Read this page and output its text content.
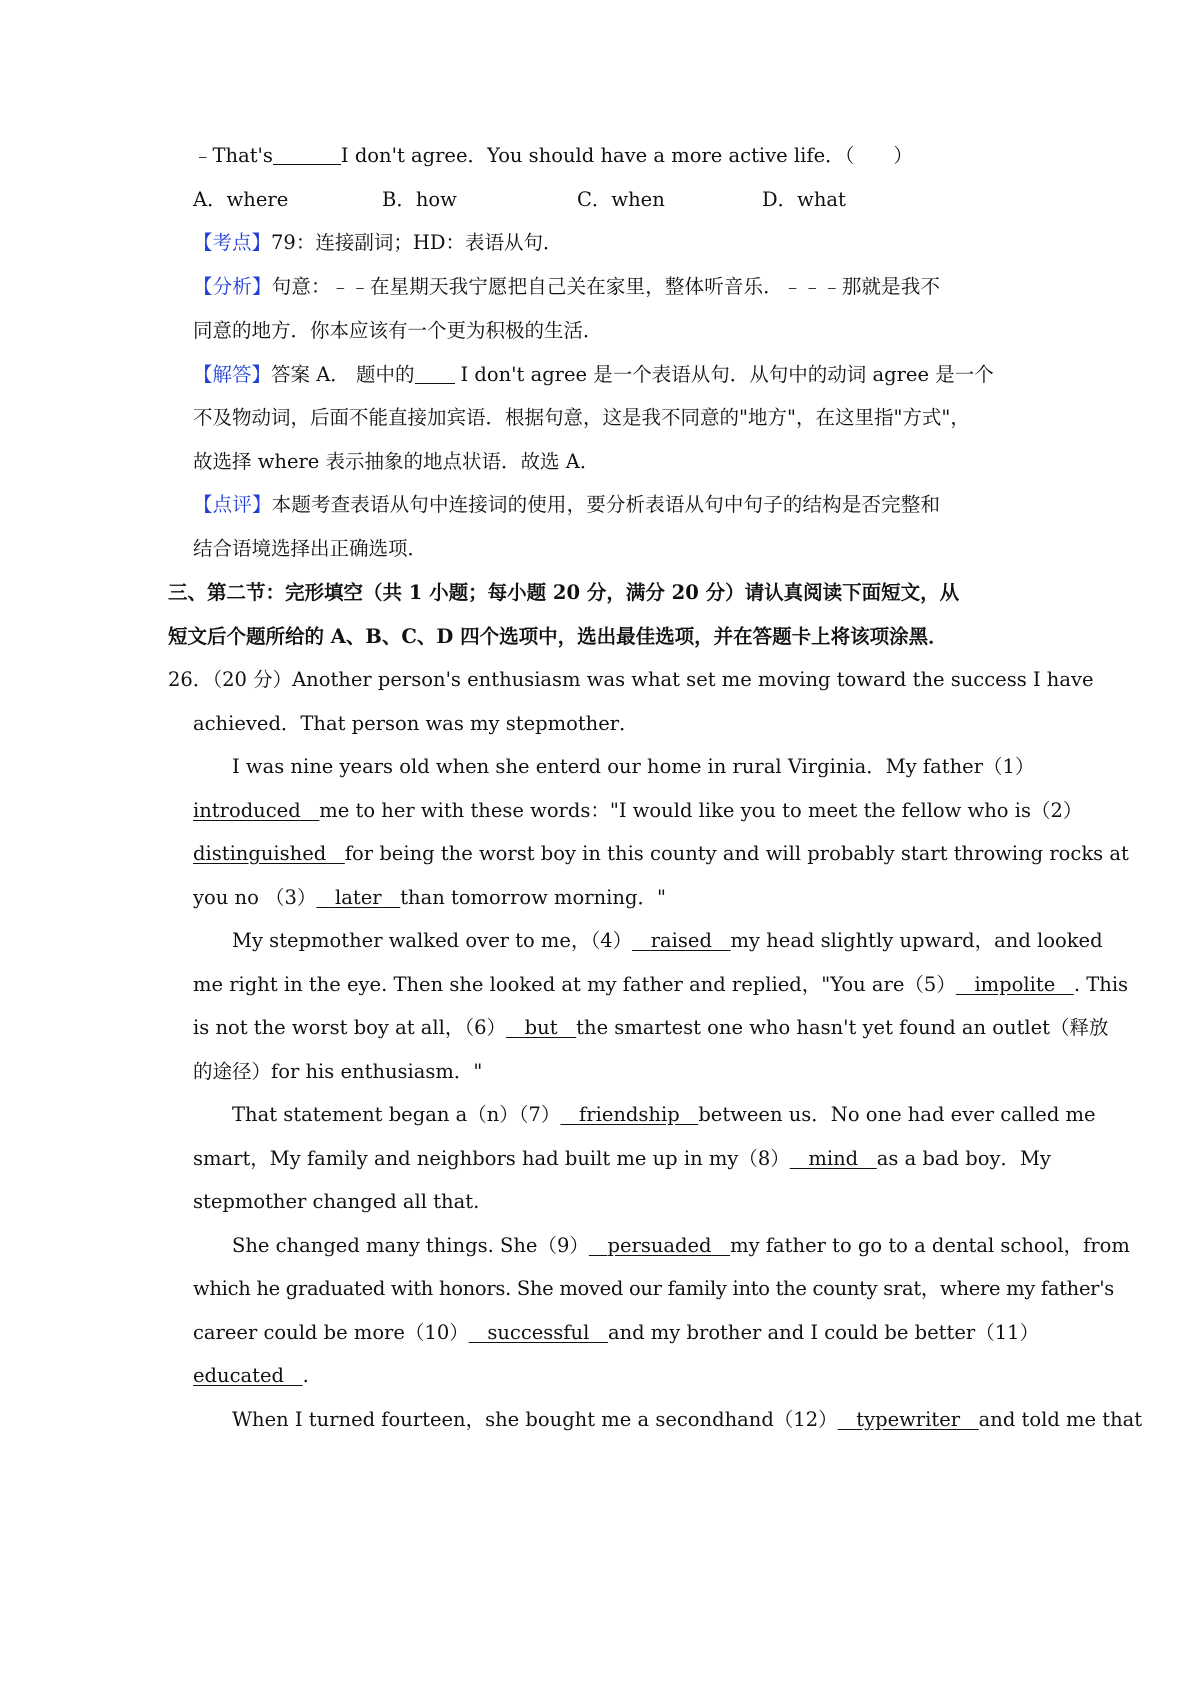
﹣That's	I don't agree．You should have a more active life．（　　）
A．where	B．how	C．when	D．what
【考点】79：连接副词；HD：表语从句．
【分析】句意：﹣﹣在星期天我宁愿把自己关在家里，整体听音乐．﹣﹣﹣那就是我不
同意的地方．你本应该有一个更为积极的生活．
【解答】答案 A． 题中的 I don't agree 是一个表语从句．从句中的动词 agree 是一个
不及物动词，后面不能直接加宾语．根据句意，这是我不同意的"地方"，在这里指"方式"，
故选择 where 表示抽象的地点状语．故选 A．
【点评】本题考查表语从句中连接词的使用，要分析表语从句中句子的结构是否完整和
结合语境选择出正确选项．
三、第二节：完形填空（共 1 小题；每小题 20 分，满分 20 分）请认真阅读下面短文，从
短文后个题所给的 A、B、C、D 四个选项中，选出最佳选项，并在答题卡上将该项涂黑．
26．（20 分）Another person's enthusiasm was what set me moving toward the success I have
achieved．That person was my stepmother．
I was nine years old when she enterd our home in rural Virginia．My father（1）
introduced me to her with these words："I would like you to meet the fellow who is（2）
distinguished for being the worst boy in this county and will probably start throwing rocks at
you no （3） later than tomorrow morning．"
My stepmother walked over to me，（4） raised my head slightly upward，and looked
me right in the eye. Then she looked at my father and replied，"You are（5） impolite . This
is not the worst boy at all，（6） but the smartest one who hasn't yet found an outlet（释放
的途径）for his enthusiasm．"
That statement began a（n）（7） friendship between us．No one had ever called me
smart，My family and neighbors had built me up in my（8） mind as a bad boy．My
stepmother changed all that.
She changed many things. She（9） persuaded my father to go to a dental school，from
which he graduated with honors. She moved our family into the county srat，where my father's
career could be more（10） successful and my brother and I could be better（11）
educated .
When I turned fourteen，she bought me a secondhand（12） typewriter and told me that
